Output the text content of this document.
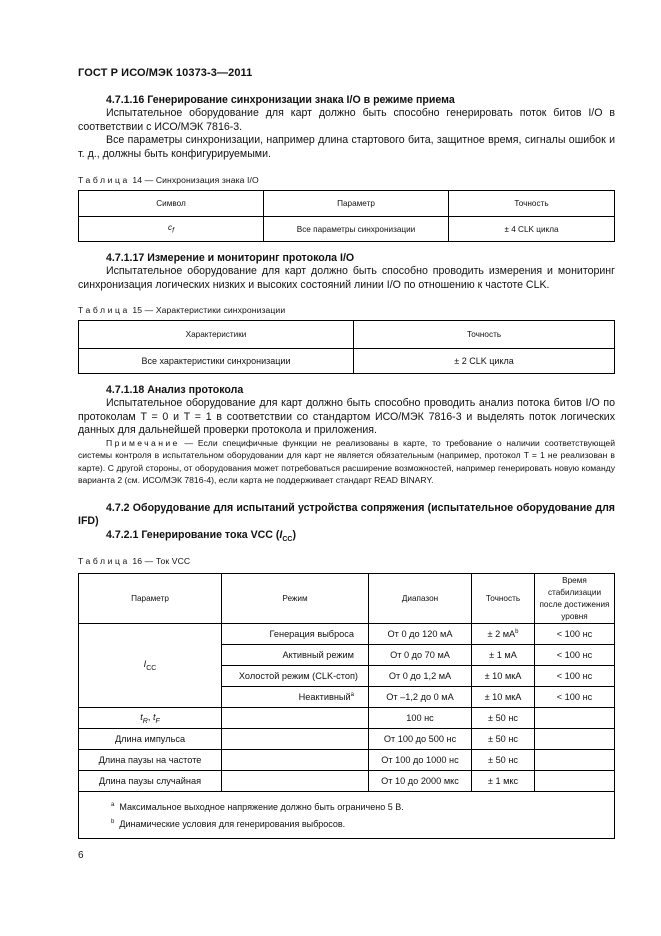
ГОСТ Р ИСО/МЭК 10373-3—2011
4.7.1.16 Генерирование синхронизации знака I/O в режиме приема
Испытательное оборудование для карт должно быть способно генерировать поток битов I/O в соответствии с ИСО/МЭК 7816-3.
Все параметры синхронизации, например длина стартового бита, защитное время, сигналы ошибок и т. д., должны быть конфигурируемыми.
Таблица 14 — Синхронизация знака I/O
Символ	Параметр	Точность
$c_f$	Все параметры синхронизации	± 4 CLK цикла
4.7.1.17 Измерение и мониторинг протокола I/O
Испытательное оборудование для карт должно быть способно проводить измерения и мониторинг синхронизация логических низких и высоких состояний линии I/O по отношению к частоте CLK.
Таблица 15 — Характеристики синхронизации
Характеристики	Точность
Все характеристики синхронизации	± 2 CLK цикла
4.7.1.18 Анализ протокола
Испытательное оборудование для карт должно быть способно проводить анализ потока битов I/O по протоколам T = 0 и T = 1 в соответствии со стандартом ИСО/МЭК 7816-3 и выделять поток логических данных для дальнейшей проверки протокола и приложения.
Примечание — Если специфичные функции не реализованы в карте, то требование о наличии соответствующей системы контроля в испытательном оборудовании для карт не является обязательным (например, протокол T = 1 не реализован в карте). С другой стороны, от оборудования может потребоваться расширение возможностей, например генерировать новую команду варианта 2 (см. ИСО/МЭК 7816-4), если карта не поддерживает стандарт READ BINARY.
4.7.2 Оборудование для испытаний устройства сопряжения (испытательное оборудование для IFD)
4.7.2.1 Генерирование тока VCC $(I_{CC})$
Таблица 16 — Ток VCC
Параметр	Режим	Диапазон	Точность	Время стабилизации после достижения уровня
$I_{CC}$	Генерация выброса	От 0 до 120 мА	± 2 $мА^b$	< 100 нс
	Активный режим	От 0 до 70 мА	± 1 мА	< 100 нс
	Холостой режим (CLK-стоп)	От 0 до 1,2 мА	± 10 мкА	< 100 нс
	Неактивный$^a$	От –1,2 до 0 мА	± 10 мкА	< 100 нс
$t_R$, $t_F$		100 нс	± 50 нс	
Длина импульса		От 100 до 500 нс	± 50 нс	
Длина паузы на частоте		От 100 до 1000 нс	± 50 нс	
Длина паузы случайная		От 10 до 2000 мкс	± 1 мкс	

$^a$ Максимальное выходное напряжение должно быть ограничено 5 В.
$^b$ Динамические условия для генерирования выбросов.				
6
